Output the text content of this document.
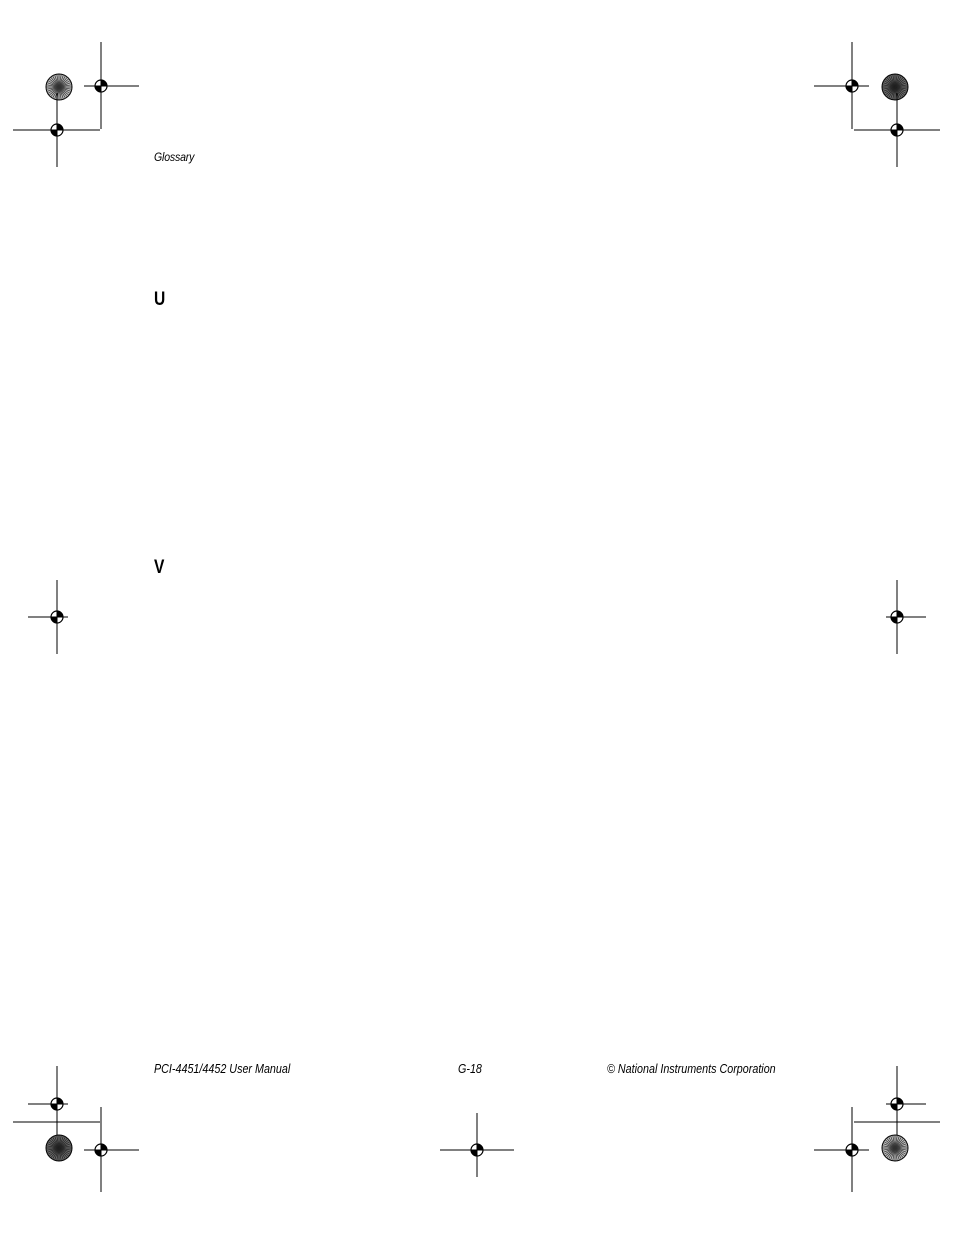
Glossary
U
V
PCI-4451/4452 User Manual	G-18	© National Instruments Corporation
